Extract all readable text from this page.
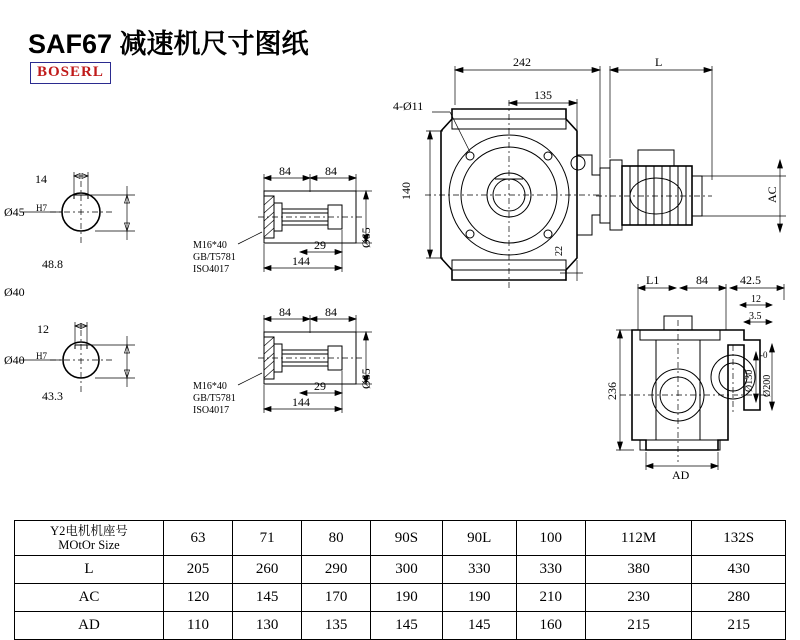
SAF67 减速机尺寸图纸
BOSERL
14
Ø45 H7
48.8
Ø40
12
Ø40 H7
43.3
84	84
29
144
Ø65
M16*40
GB/T5781
ISO4017
84	84
29
144
Ø65
M16*40
GB/T5781
ISO4017
242	L
135
4-Ø11
140
22
AC
L1	84	42.5
12
3.5
236	Ø130
-0
Ø200
AD
Y2电机机座号
MOtOr Size	63	71	80	90S	90L	100	112M	132S
L	205	260	290	300	330	330	380	430
AC	120	145	170	190	190	210	230	280
AD	110	130	135	145	145	160	215	215
